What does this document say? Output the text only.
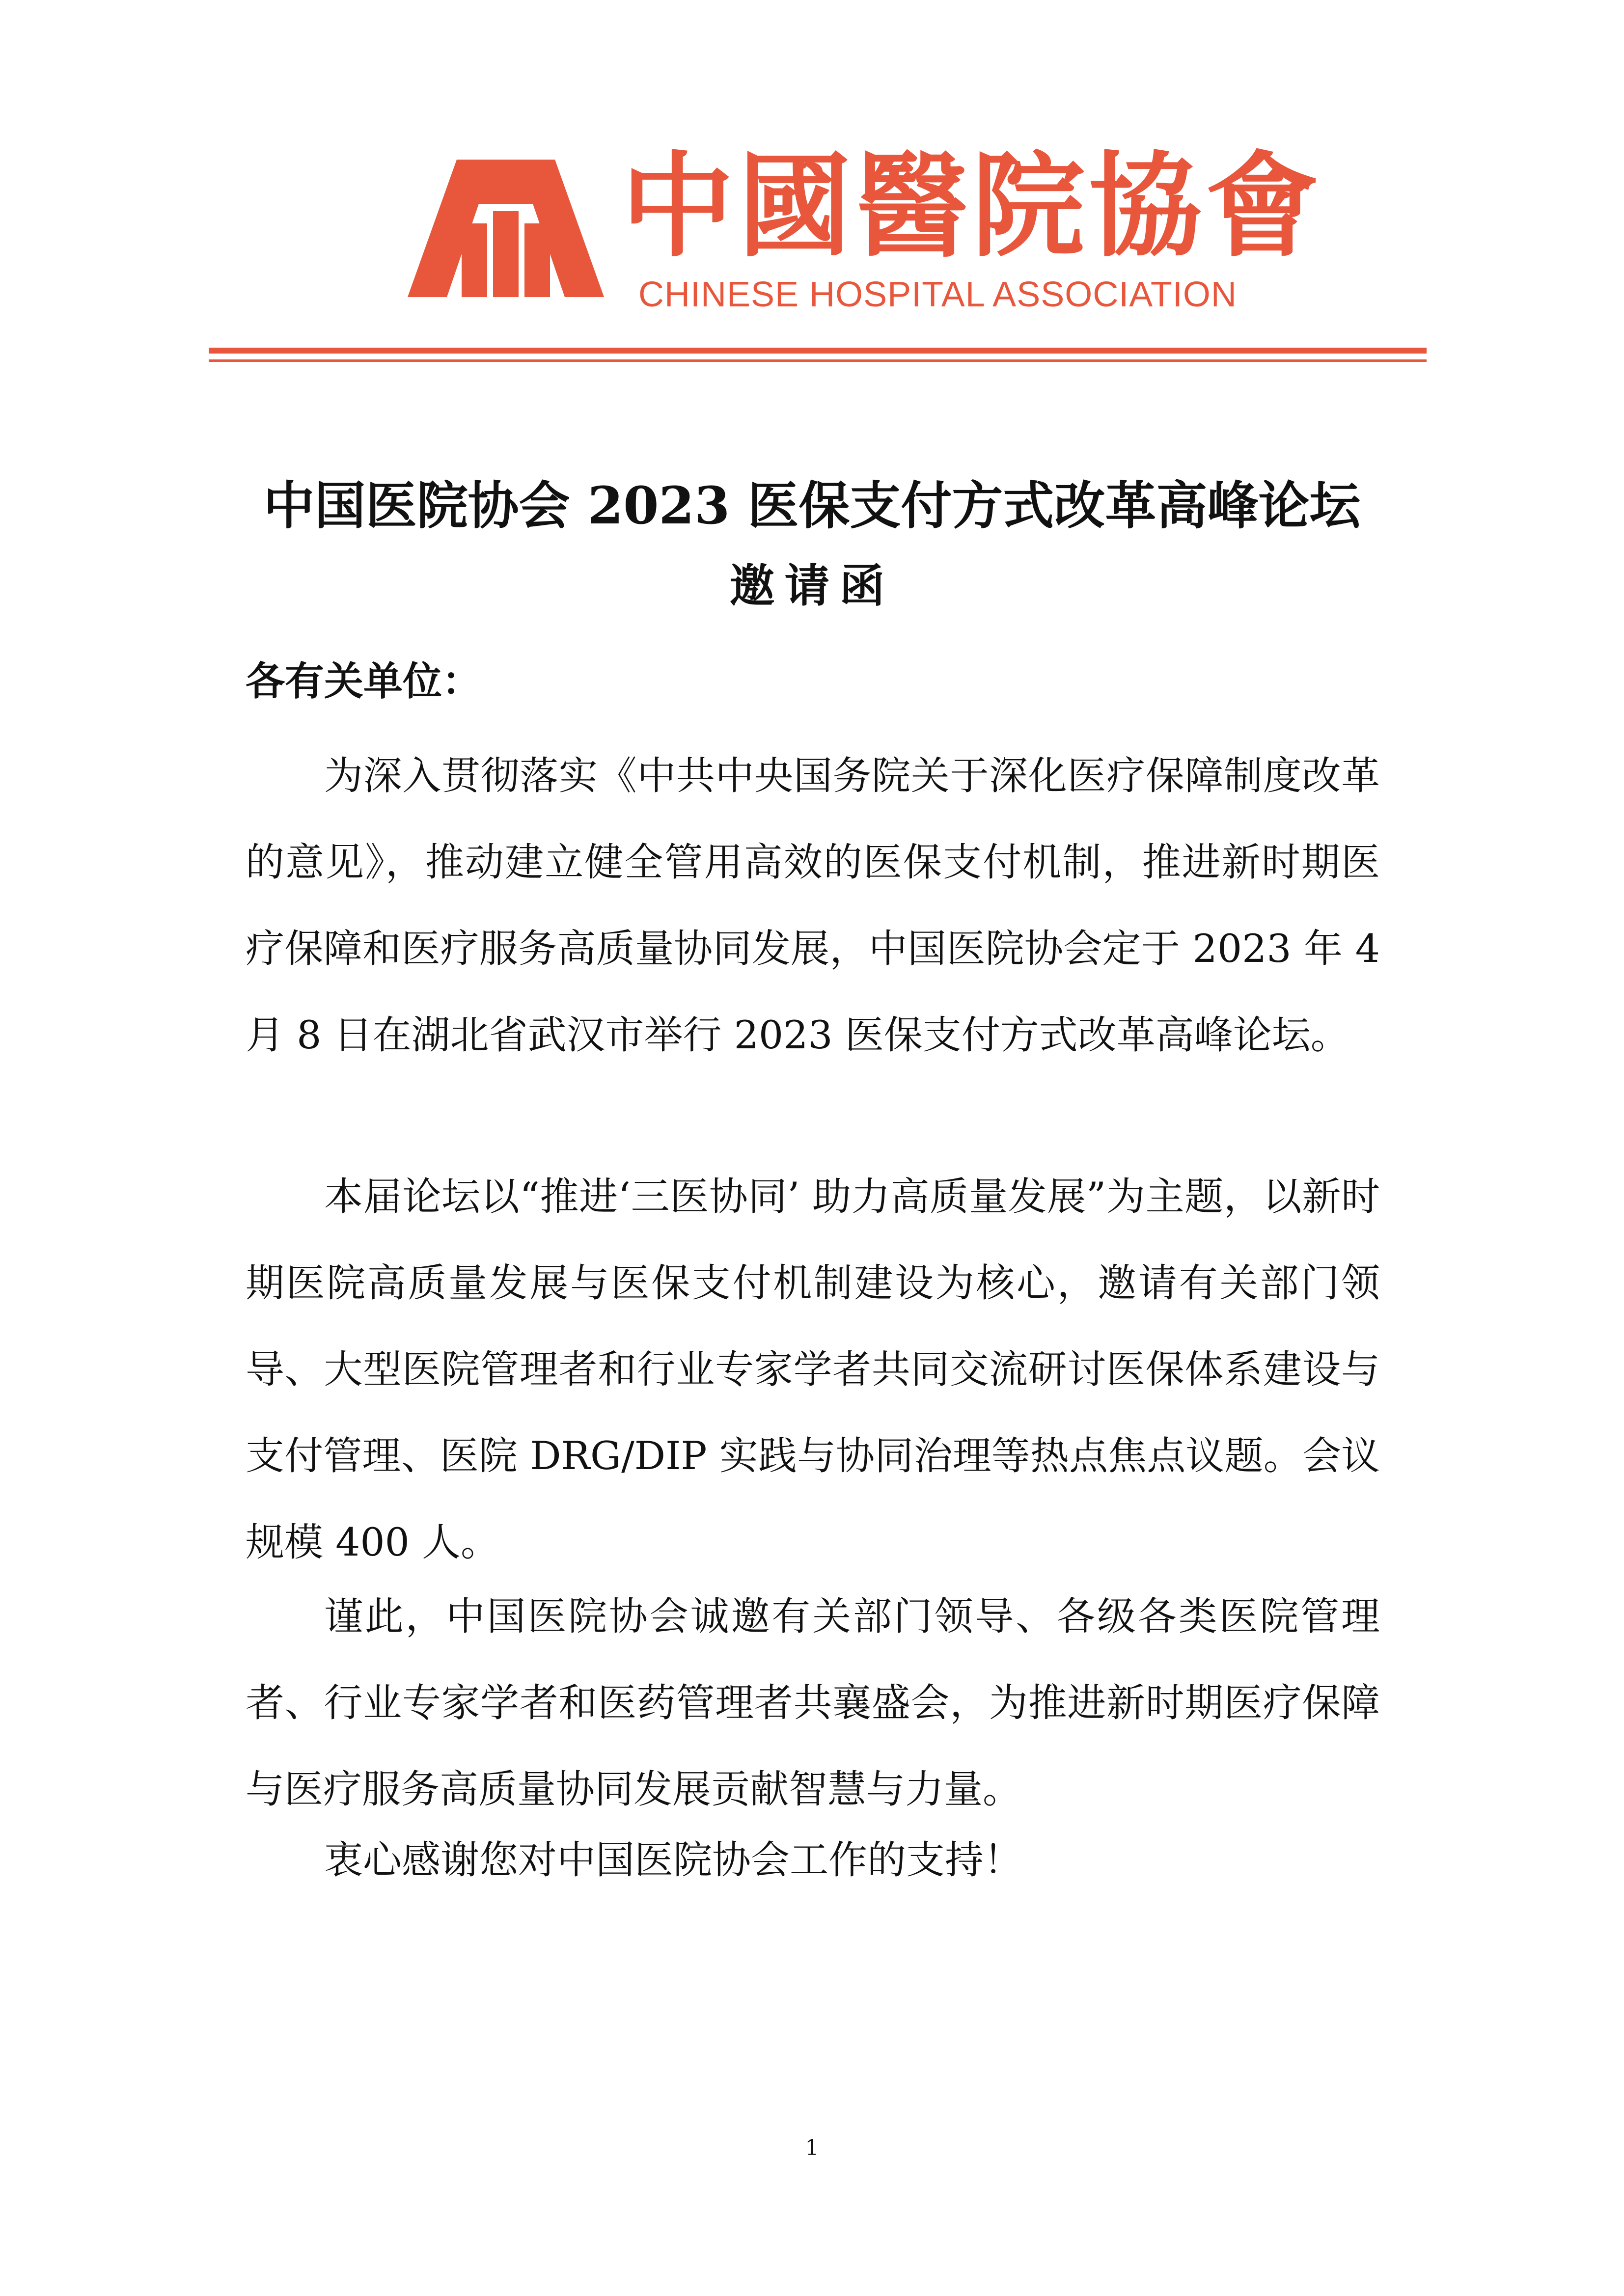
中國醫院協會
CHINESE HOSPITAL ASSOCIATION
中国医院协会 2023 医保支付方式改革高峰论坛
邀请函
各有关单位：

为深入贯彻落实《中共中央国务院关于深化医疗保障制度改革的意见》，推动建立健全管用高效的医保支付机制，推进新时期医疗保障和医疗服务高质量协同发展，中国医院协会定于 2023 年 4 月 8 日在湖北省武汉市举行 2023 医保支付方式改革高峰论坛。

本届论坛以“推进‘三医协同’ 助力高质量发展”为主题，以新时期医院高质量发展与医保支付机制建设为核心，邀请有关部门领导、大型医院管理者和行业专家学者共同交流研讨医保体系建设与支付管理、医院 DRG/DIP 实践与协同治理等热点焦点议题。会议规模 400 人。

谨此，中国医院协会诚邀有关部门领导、各级各类医院管理者、行业专家学者和医药管理者共襄盛会，为推进新时期医疗保障与医疗服务高质量协同发展贡献智慧与力量。

衷心感谢您对中国医院协会工作的支持！

1
